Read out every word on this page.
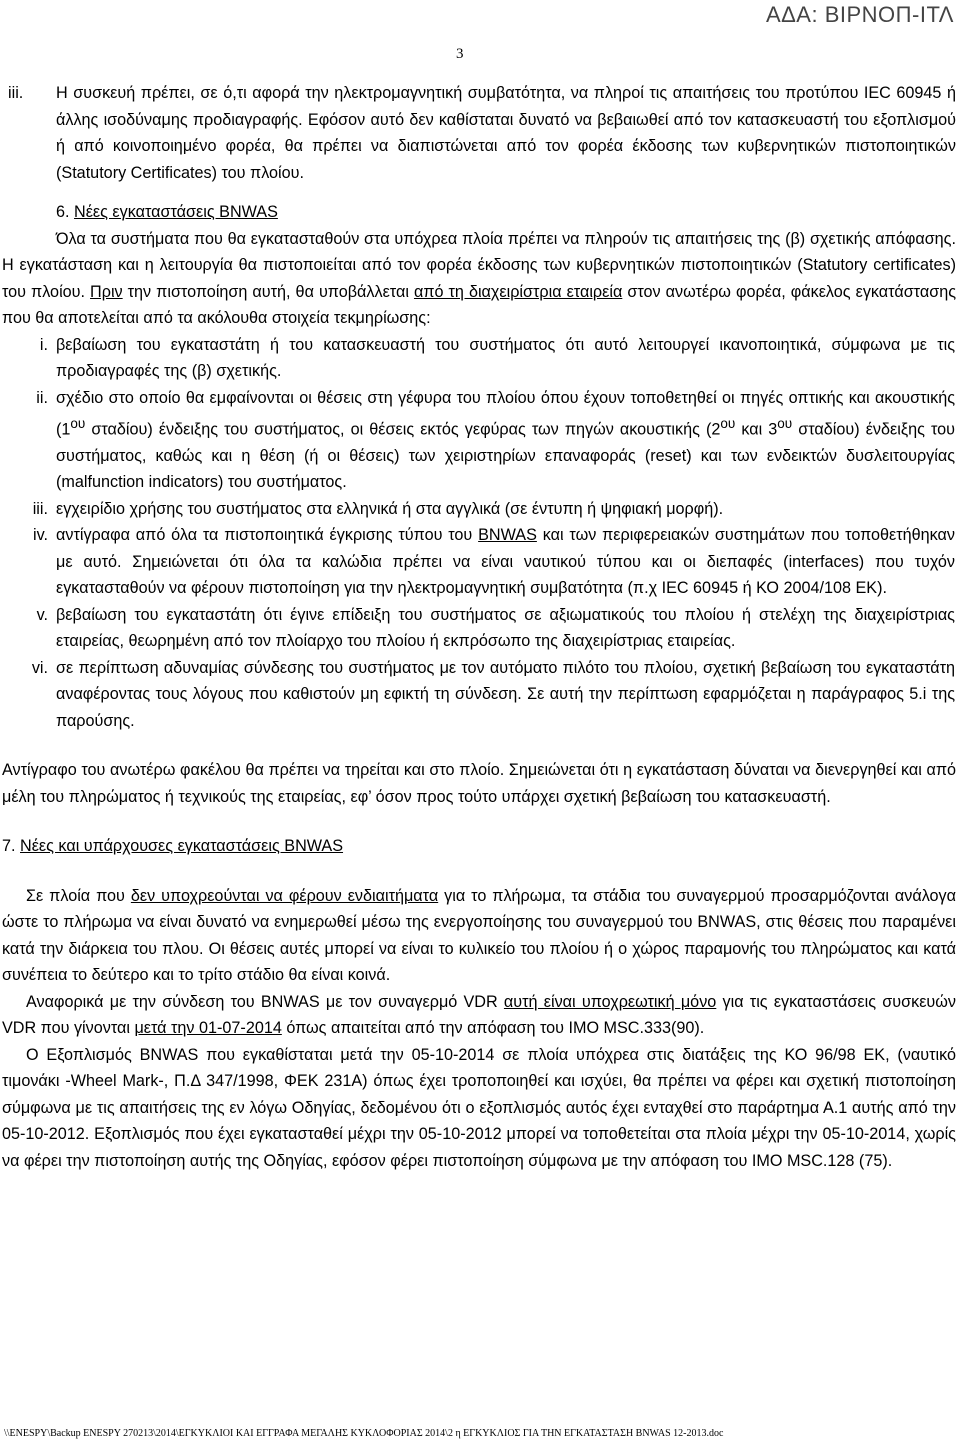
ΑΔΑ: ΒΙΡΝΟΠ-ΙΤΛ
3

iii. Η συσκευή πρέπει, σε ό,τι αφορά την ηλεκτρομαγνητική συμβατότητα, να πληροί τις απαιτήσεις του προτύπου IEC 60945 ή άλλης ισοδύναμης προδιαγραφής. Εφόσον αυτό δεν καθίσταται δυνατό να βεβαιωθεί από τον κατασκευαστή του εξοπλισμού ή από κοινοποιημένο φορέα, θα πρέπει να διαπιστώνεται από τον φορέα έκδοσης των κυβερνητικών πιστοποιητικών (Statutory Certificates) του πλοίου.

6. Νέες εγκαταστάσεις BNWAS

Όλα τα συστήματα που θα εγκατασταθούν στα υπόχρεα πλοία πρέπει να πληρούν τις απαιτήσεις της (β) σχετικής απόφασης. Η εγκατάσταση και η λειτουργία θα πιστοποιείται από τον φορέα έκδοσης των κυβερνητικών πιστοποιητικών (Statutory certificates) του πλοίου. Πριν την πιστοποίηση αυτή, θα υποβάλλεται από τη διαχειρίστρια εταιρεία στον ανωτέρω φορέα, φάκελος εγκατάστασης που θα αποτελείται από τα ακόλουθα στοιχεία τεκμηρίωσης:

i. βεβαίωση του εγκαταστάτη ή του κατασκευαστή του συστήματος ότι αυτό λειτουργεί ικανοποιητικά, σύμφωνα με τις προδιαγραφές της (β) σχετικής.

ii. σχέδιο στο οποίο θα εμφαίνονται οι θέσεις στη γέφυρα του πλοίου όπου έχουν τοποθετηθεί οι πηγές οπτικής και ακουστικής ($1^{o\upsilon}$ σταδίου) ένδειξης του συστήματος, οι θέσεις εκτός γεφύρας των πηγών ακουστικής ($2^{o\upsilon}$ και $3^{o\upsilon}$ σταδίου) ένδειξης του συστήματος, καθώς και η θέση (ή οι θέσεις) των χειριστηρίων επαναφοράς (reset) και των ενδεικτών δυσλειτουργίας (malfunction indicators) του συστήματος.

iii. εγχειρίδιο χρήσης του συστήματος στα ελληνικά ή στα αγγλικά (σε έντυπη ή ψηφιακή μορφή).

iv. αντίγραφα από όλα τα πιστοποιητικά έγκρισης τύπου του BNWAS και των περιφερειακών συστημάτων που τοποθετήθηκαν με αυτό. Σημειώνεται ότι όλα τα καλώδια πρέπει να είναι ναυτικού τύπου και οι διεπαφές (interfaces) που τυχόν εγκατασταθούν να φέρουν πιστοποίηση για την ηλεκτρομαγνητική συμβατότητα (π.χ IEC 60945 ή ΚΟ 2004/108 ΕΚ).

v. βεβαίωση του εγκαταστάτη ότι έγινε επίδειξη του συστήματος σε αξιωματικούς του πλοίου ή στελέχη της διαχειρίστριας εταιρείας, θεωρημένη από τον πλοίαρχο του πλοίου ή εκπρόσωπο της διαχειρίστριας εταιρείας.

vi. σε περίπτωση αδυναμίας σύνδεσης του συστήματος με τον αυτόματο πιλότο του πλοίου, σχετική βεβαίωση του εγκαταστάτη αναφέροντας τους λόγους που καθιστούν μη εφικτή τη σύνδεση. Σε αυτή την περίπτωση εφαρμόζεται η παράγραφος 5.i της παρούσης.

Αντίγραφο του ανωτέρω φακέλου θα πρέπει να τηρείται και στο πλοίο. Σημειώνεται ότι η εγκατάσταση δύναται να διενεργηθεί και από μέλη του πληρώματος ή τεχνικούς της εταιρείας, εφ’ όσον προς τούτο υπάρχει σχετική βεβαίωση του κατασκευαστή.

7. Νέες και υπάρχουσες εγκαταστάσεις BNWAS

Σε πλοία που δεν υποχρεούνται να φέρουν ενδιαιτήματα για το πλήρωμα, τα στάδια του συναγερμού προσαρμόζονται ανάλογα ώστε το πλήρωμα να είναι δυνατό να ενημερωθεί μέσω της ενεργοποίησης του συναγερμού του BNWAS, στις θέσεις που παραμένει κατά την διάρκεια του πλου. Οι θέσεις αυτές μπορεί να είναι το κυλικείο του πλοίου ή ο χώρος παραμονής του πληρώματος και κατά συνέπεια το δεύτερο και το τρίτο στάδιο θα είναι κοινά.

Αναφορικά με την σύνδεση του BNWAS με τον συναγερμό VDR αυτή είναι υποχρεωτική μόνο για τις εγκαταστάσεις συσκευών VDR που γίνονται μετά την 01-07-2014 όπως απαιτείται από την απόφαση του IMO MSC.333(90).

Ο Εξοπλισμός BNWAS που εγκαθίσταται μετά την 05-10-2014 σε πλοία υπόχρεα στις διατάξεις της ΚΟ 96/98 ΕΚ, (ναυτικό τιμονάκι -Wheel Mark-, Π.Δ 347/1998, ΦΕΚ 231Α) όπως έχει τροποποιηθεί και ισχύει, θα πρέπει να φέρει και σχετική πιστοποίηση σύμφωνα με τις απαιτήσεις της εν λόγω Οδηγίας, δεδομένου ότι ο εξοπλισμός αυτός έχει ενταχθεί στο παράρτημα Α.1 αυτής από την 05-10-2012. Εξοπλισμός που έχει εγκατασταθεί μέχρι την 05-10-2012 μπορεί να τοποθετείται στα πλοία μέχρι την 05-10-2014, χωρίς να φέρει την πιστοποίηση αυτής της Οδηγίας, εφόσον φέρει πιστοποίηση σύμφωνα με την απόφαση του IMO MSC.128 (75).

\\ENESPY\Backup ENESPY 270213\2014\ΕΓΚΥΚΛΙΟΙ ΚΑΙ ΕΓΓΡΑΦΑ ΜΕΓΑΛΗΣ ΚΥΚΛΟΦΟΡΙΑΣ 2014\2 η ΕΓΚΥΚΛΙΟΣ ΓΙΑ ΤΗΝ ΕΓΚΑΤΑΣΤΑΣΗ BNWAS 12-2013.doc
